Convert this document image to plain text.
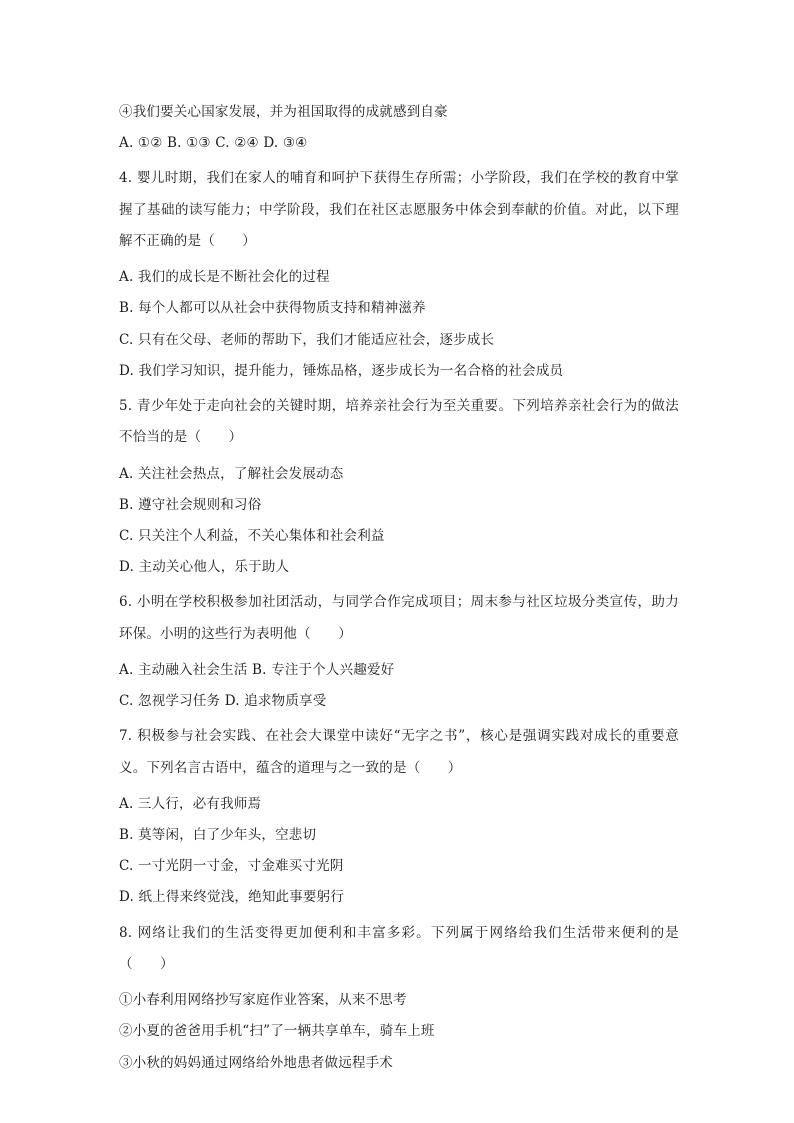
④我们要关心国家发展，并为祖国取得的成就感到自豪
A. ①② B. ①③ C. ②④ D. ③④
4. 婴儿时期，我们在家人的哺育和呵护下获得生存所需；小学阶段，我们在学校的教育中掌握了基础的读写能力；中学阶段，我们在社区志愿服务中体会到奉献的价值。对此，以下理解不正确的是（　　）
A. 我们的成长是不断社会化的过程
B. 每个人都可以从社会中获得物质支持和精神滋养
C. 只有在父母、老师的帮助下，我们才能适应社会，逐步成长
D. 我们学习知识，提升能力，锤炼品格，逐步成长为一名合格的社会成员
5. 青少年处于走向社会的关键时期，培养亲社会行为至关重要。下列培养亲社会行为的做法不恰当的是（　　）
A. 关注社会热点，了解社会发展动态
B. 遵守社会规则和习俗
C. 只关注个人利益，不关心集体和社会利益
D. 主动关心他人，乐于助人
6. 小明在学校积极参加社团活动，与同学合作完成项目；周末参与社区垃圾分类宣传，助力环保。小明的这些行为表明他（　　）
A. 主动融入社会生活 B. 专注于个人兴趣爱好
C. 忽视学习任务 D. 追求物质享受
7. 积极参与社会实践、在社会大课堂中读好“无字之书”，核心是强调实践对成长的重要意义。下列名言古语中，蕴含的道理与之一致的是（　　）
A. 三人行，必有我师焉
B. 莫等闲，白了少年头，空悲切
C. 一寸光阴一寸金，寸金难买寸光阴
D. 纸上得来终觉浅，绝知此事要躬行
8. 网络让我们的生活变得更加便利和丰富多彩。下列属于网络给我们生活带来便利的是（　　）
①小春利用网络抄写家庭作业答案，从来不思考
②小夏的爸爸用手机“扫”了一辆共享单车，骑车上班
③小秋的妈妈通过网络给外地患者做远程手术
